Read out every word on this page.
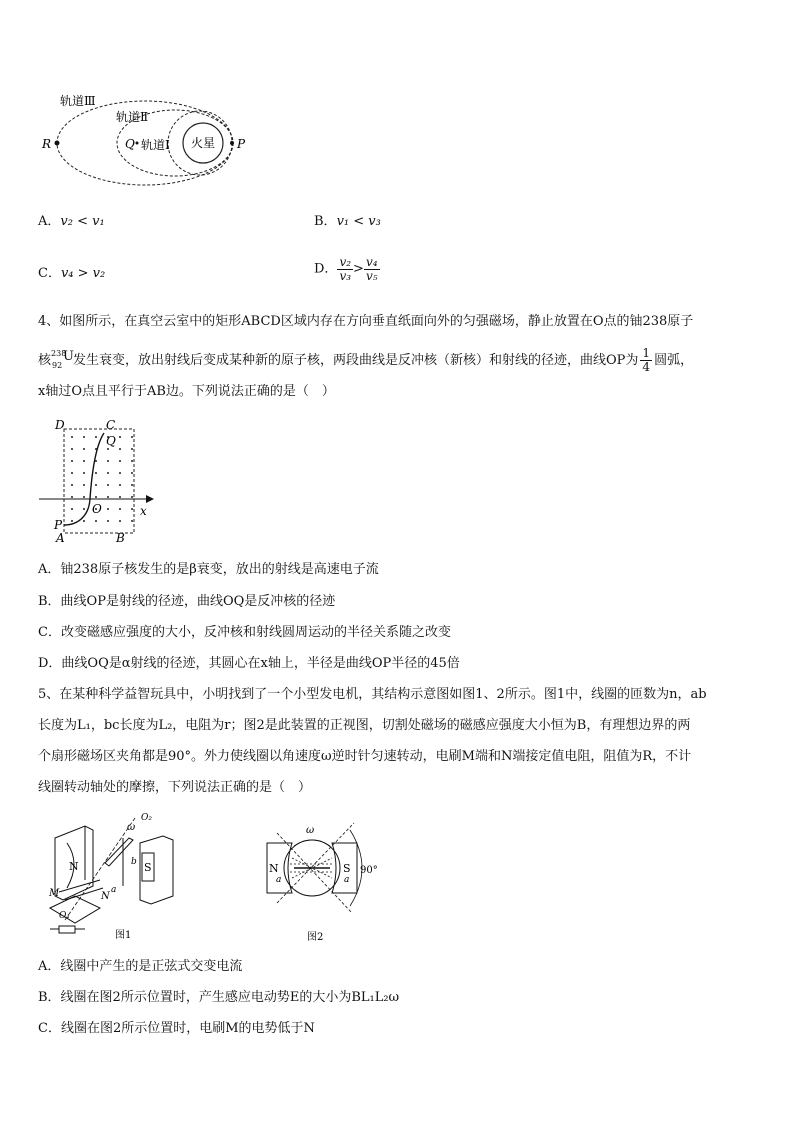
轨道Ⅲ
轨道Ⅱ
轨道Ⅰ 火星
R	Q	P
A．v₂ < v₁	B．v₁ < v₃
C．v₄ > v₂	D． $\frac{\text{v₂}}{\text{v₃}} > \frac{\text{v₄}}{\text{v₅}}$
4、如图所示，在真空云室中的矩形ABCD区域内存在方向垂直纸面向外的匀强磁场，静止放置在O点的铀238原子
核 238
92
U 发生衰变，放出射线后变成某种新的原子核，两段曲线是反冲核（新核）和射线的径迹，曲线OP为 $\frac{1}{4}$ 圆弧，
x轴过O点且平行于AB边。下列说法正确的是（　）
D	C
Q
O	x
P
A	B
A．铀238原子核发生的是β衰变，放出的射线是高速电子流
B．曲线OP是射线的径迹，曲线OQ是反冲核的径迹
C．改变磁感应强度的大小，反冲核和射线圆周运动的半径关系随之改变
D．曲线OQ是α射线的径迹，其圆心在x轴上，半径是曲线OP半径的45倍
5、在某种科学益智玩具中，小明找到了一个小型发电机，其结构示意图如图1、2所示。图1中，线圈的匝数为n，ab
长度为L₁，bc长度为L₂，电阻为r；图2是此装置的正视图，切割处磁场的磁感应强度大小恒为B，有理想边界的两
个扇形磁场区夹角都是90°。外力使线圈以角速度ω逆时针匀速转动，电刷M端和N端接定值电阻，阻值为R，不计
线圈转动轴处的摩擦，下列说法正确的是（　）
N	S
M	N
O₁
O₂
ω
a
b
图1
N	S
a	a
ω
90°
图2
A．线圈中产生的是正弦式交变电流
B．线圈在图2所示位置时，产生感应电动势E的大小为BL₁L₂ω
C．线圈在图2所示位置时，电刷M的电势低于N
